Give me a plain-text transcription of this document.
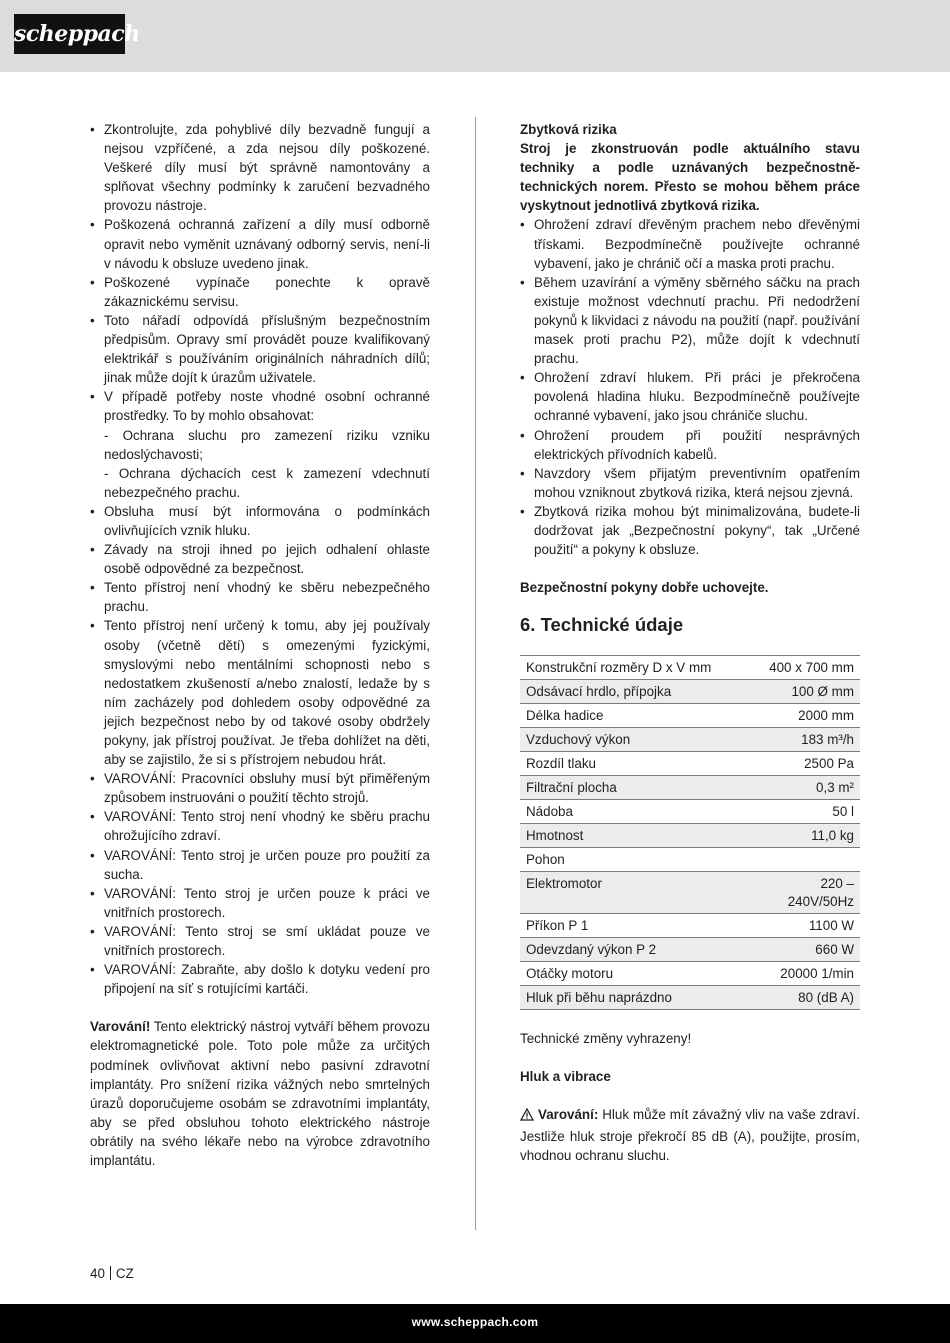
scheppach
• Zkontrolujte, zda pohyblivé díly bezvadně fungují a nejsou vzpříčené, a zda nejsou díly poškozené. Veškeré díly musí být správně namontovány a splňovat všechny podmínky k zaručení bezvadného provozu nástroje.
• Poškozená ochranná zařízení a díly musí odborně opravit nebo vyměnit uznávaný odborný servis, není-li v návodu k obsluze uvedeno jinak.
• Poškozené vypínače ponechte k opravě zákaznickému servisu.
• Toto nářadí odpovídá příslušným bezpečnostním předpisům. Opravy smí provádět pouze kvalifikovaný elektrikář s používáním originálních náhradních dílů; jinak může dojít k úrazům uživatele.
• V případě potřeby noste vhodné osobní ochranné prostředky. To by mohlo obsahovat:
- Ochrana sluchu pro zamezení riziku vzniku nedoslýchavosti;
- Ochrana dýchacích cest k zamezení vdechnutí nebezpečného prachu.
• Obsluha musí být informována o podmínkách ovlivňujících vznik hluku.
• Závady na stroji ihned po jejich odhalení ohlaste osobě odpovědné za bezpečnost.
• Tento přístroj není vhodný ke sběru nebezpečného prachu.
• Tento přístroj není určený k tomu, aby jej používaly osoby (včetně dětí) s omezenými fyzickými, smyslovými nebo mentálními schopnosti nebo s nedostatkem zkušeností a/nebo znalostí, ledaže by s ním zacházely pod dohledem osoby odpovědné za jejich bezpečnost nebo by od takové osoby obdržely pokyny, jak přístroj používat. Je třeba dohlížet na děti, aby se zajistilo, že si s přístrojem nebudou hrát.
• VAROVÁNÍ: Pracovníci obsluhy musí být přiměřeným způsobem instruováni o použití těchto strojů.
• VAROVÁNÍ: Tento stroj není vhodný ke sběru prachu ohrožujícího zdraví.
• VAROVÁNÍ: Tento stroj je určen pouze pro použití za sucha.
• VAROVÁNÍ: Tento stroj je určen pouze k práci ve vnitřních prostorech.
• VAROVÁNÍ: Tento stroj se smí ukládat pouze ve vnitřních prostorech.
• VAROVÁNÍ: Zabraňte, aby došlo k dotyku vedení pro připojení na síť s rotujícími kartáči.

Varování! Tento elektrický nástroj vytváří během provozu elektromagnetické pole. Toto pole může za určitých podmínek ovlivňovat aktivní nebo pasivní zdravotní implantáty. Pro snížení rizika vážných nebo smrtelných úrazů doporučujeme osobám se zdravotními implantáty, aby se před obsluhou tohoto elektrického nástroje obrátily na svého lékaře nebo na výrobce zdravotního implantátu.

Zbytková rizika

Stroj je zkonstruován podle aktuálního stavu techniky a podle uznávaných bezpečnostně-technických norem. Přesto se mohou během práce vyskytnout jednotlivá zbytková rizika.

• Ohrožení zdraví dřevěným prachem nebo dřevěnými třískami. Bezpodmínečně používejte ochranné vybavení, jako je chránič očí a maska proti prachu.
• Během uzavírání a výměny sběrného sáčku na prach existuje možnost vdechnutí prachu. Při nedodržení pokynů k likvidaci z návodu na použití (např. používání masek proti prachu P2), může dojít k vdechnutí prachu.
• Ohrožení zdraví hlukem. Při práci je překročena povolená hladina hluku. Bezpodmínečně používejte ochranné vybavení, jako jsou chrániče sluchu.
• Ohrožení proudem při použití nesprávných elektrických přívodních kabelů.
• Navzdory všem přijatým preventivním opatřením mohou vzniknout zbytková rizika, která nejsou zjevná.
• Zbytková rizika mohou být minimalizována, budete-li dodržovat jak „Bezpečnostní pokyny“, tak „Určené použití“ a pokyny k obsluze.

Bezpečnostní pokyny dobře uchovejte.

6. Technické údaje
Konstrukční rozměry D x V mm	400 x 700 mm
Odsávací hrdlo, přípojka	100 Ø mm
Délka hadice	2000 mm
Vzduchový výkon	183 m³/h
Rozdíl tlaku	2500 Pa
Filtrační plocha	0,3 m²
Nádoba	50 l
Hmotnost	11,0 kg
Pohon	
Elektromotor	220 –
240V/50Hz
Příkon P 1	1100 W
Odevzdaný výkon P 2	660 W
Otáčky motoru	20000 1/min
Hluk při běhu naprázdno	80 (dB A)

Technické změny vyhrazeny!

Hluk a vibrace

Varování: Hluk může mít závažný vliv na vaše zdraví. Jestliže hluk stroje překročí 85 dB (A), použijte, prosím, vhodnou ochranu sluchu.

40 CZ
www.scheppach.com
